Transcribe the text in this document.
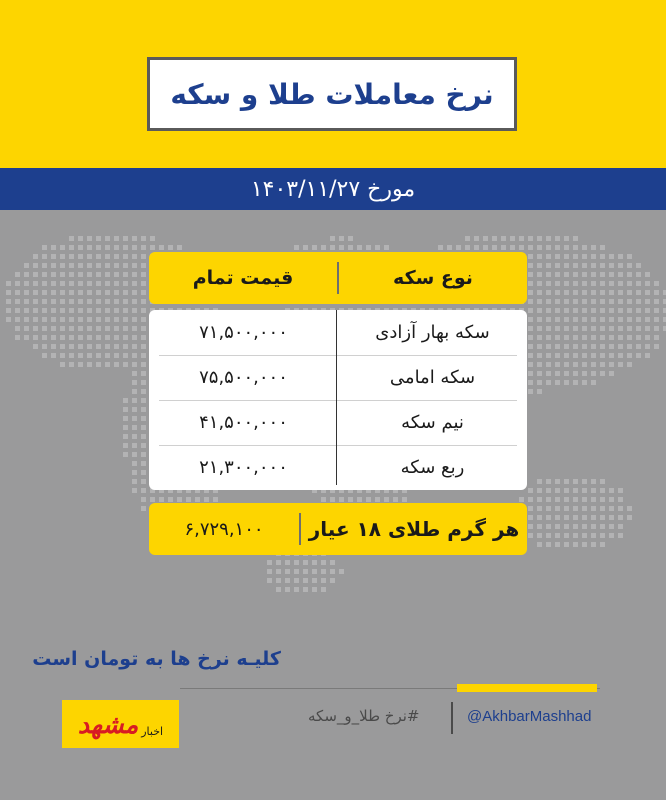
نرخ معاملات طلا و سکه
مورخ ۱۴۰۳/۱۱/۲۷
نوع سکه
قیمت تمام
سکه بهار آزادی
۷۱,۵۰۰,۰۰۰
سکه امامی
۷۵,۵۰۰,۰۰۰
نیم سکه
۴۱,۵۰۰,۰۰۰
ربع سکه
۲۱,۳۰۰,۰۰۰
هر گرم طلای ۱۸ عیار
۶,۷۲۹,۱۰۰
کلیـه نرخ ها به تومان است
مشهد اخبار
#نرخ طلا_و_سکه	@AkhbarMashhad
